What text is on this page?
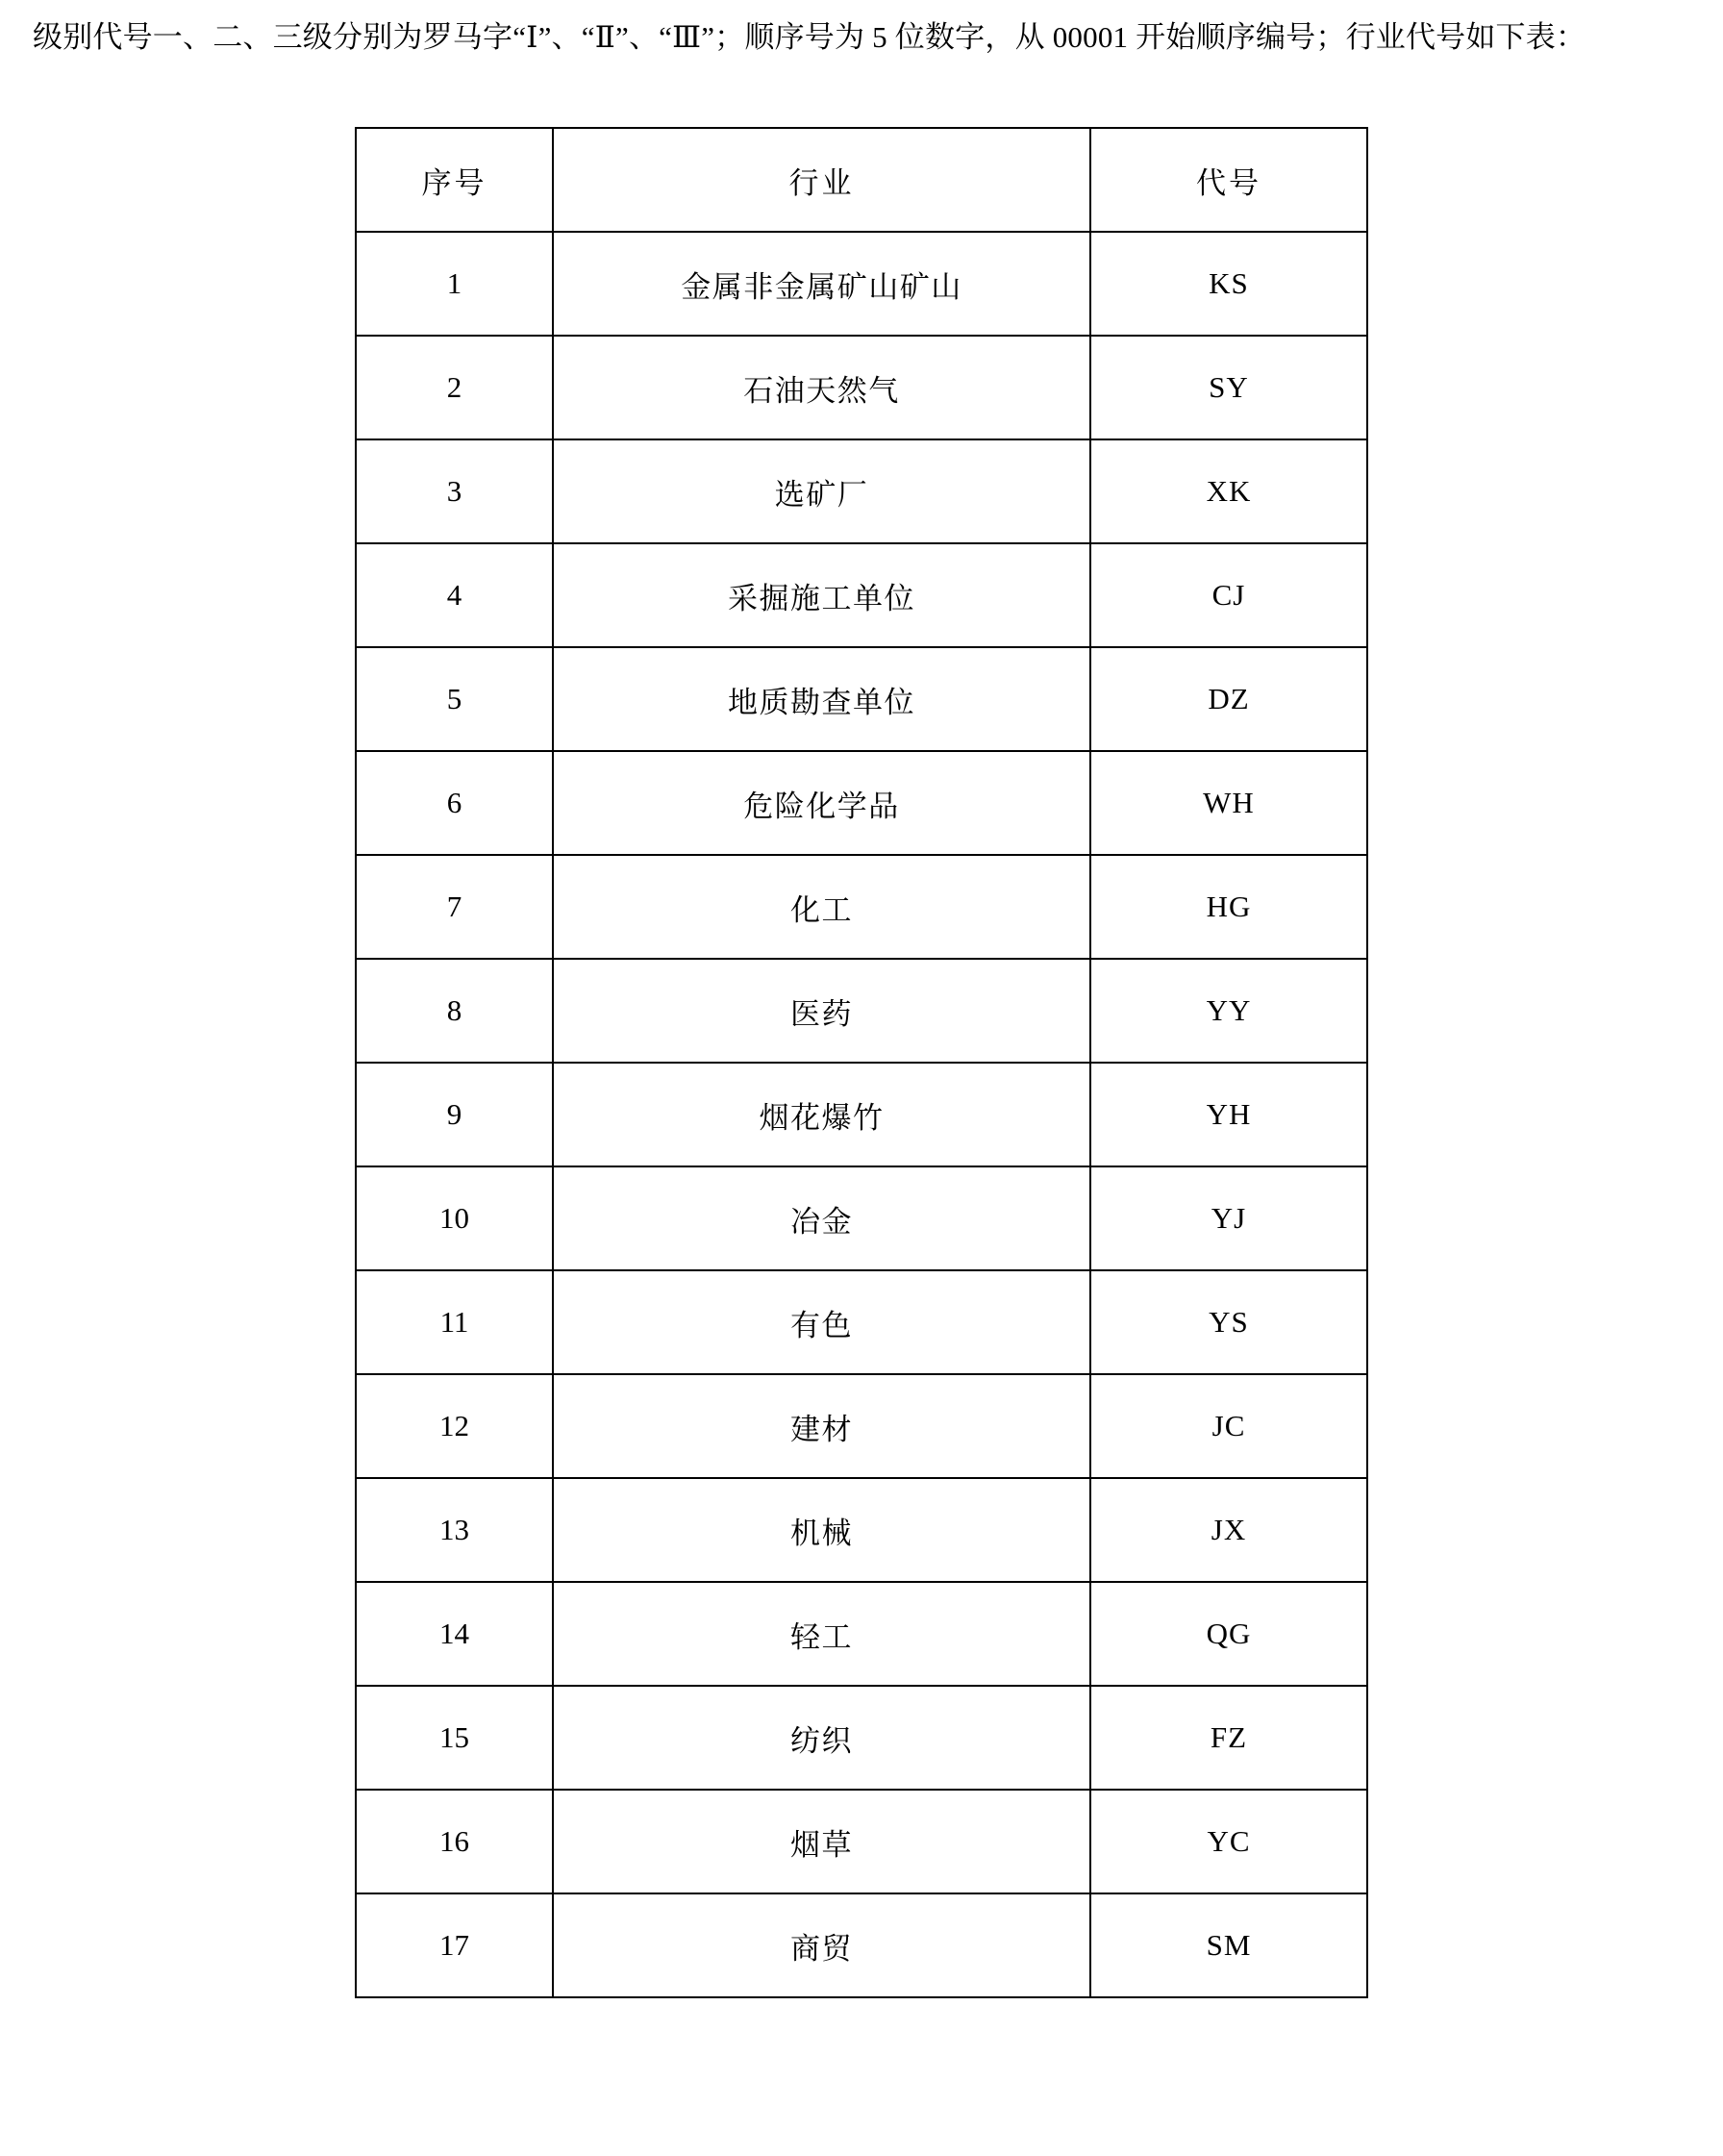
级别代号一、二、三级分别为罗马字“Ⅰ”、“Ⅱ”、“Ⅲ”；顺序号为 5 位数字，从 00001 开始顺序编号；行业代号如下表：

序号	行业	代号
1	金属非金属矿山矿山	KS
2	石油天然气	SY
3	选矿厂	XK
4	采掘施工单位	CJ
5	地质勘查单位	DZ
6	危险化学品	WH
7	化工	HG
8	医药	YY
9	烟花爆竹	YH
10	冶金	YJ
11	有色	YS
12	建材	JC
13	机械	JX
14	轻工	QG
15	纺织	FZ
16	烟草	YC
17	商贸	SM
